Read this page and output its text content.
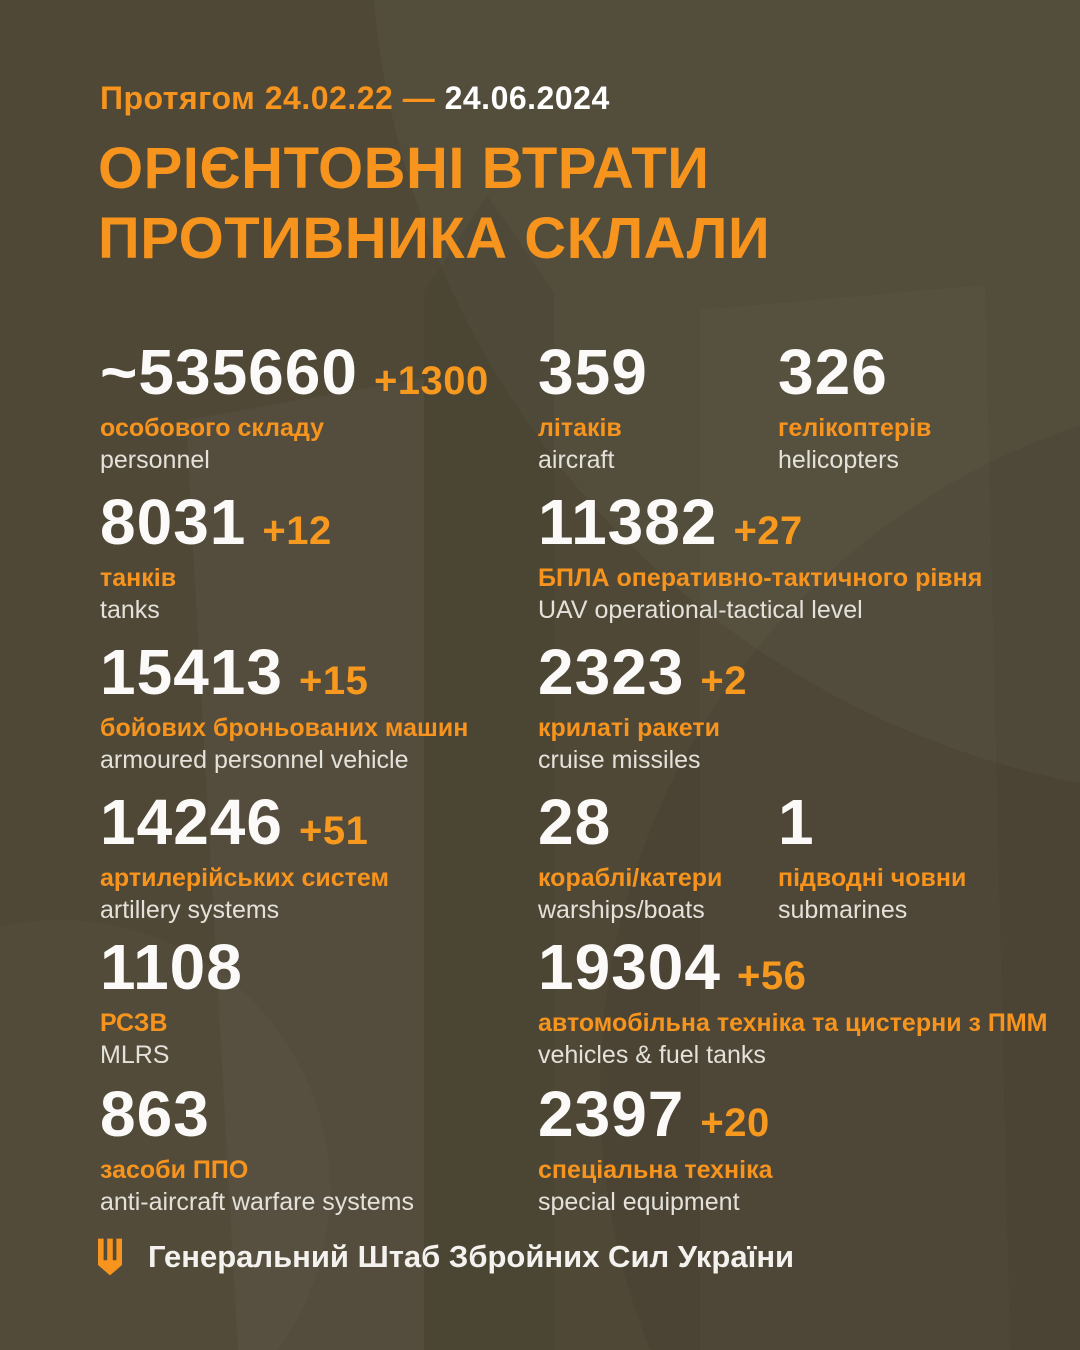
Протягом 24.02.22 — 24.06.2024
ОРІЄНТОВНІ ВТРАТИ
ПРОТИВНИКА СКЛАЛИ
~535660 +1300
особового складу
personnel
359
літаків
aircraft
326
гелікоптерів
helicopters
8031 +12
танків
tanks
11382 +27
БПЛА оперативно-тактичного рівня
UAV operational-tactical level
15413 +15
бойових броньованих машин
armoured personnel vehicle
2323 +2
крилаті ракети
cruise missiles
14246 +51
артилерійських систем
artillery systems
28
кораблі/катери
warships/boats
1
підводні човни
submarines
1108
РСЗВ
MLRS
19304 +56
автомобільна техніка та цистерни з ПММ
vehicles & fuel tanks
863
засоби ППО
anti-aircraft warfare systems
2397 +20
спеціальна техніка
special equipment
Генеральний Штаб Збройних Сил України
